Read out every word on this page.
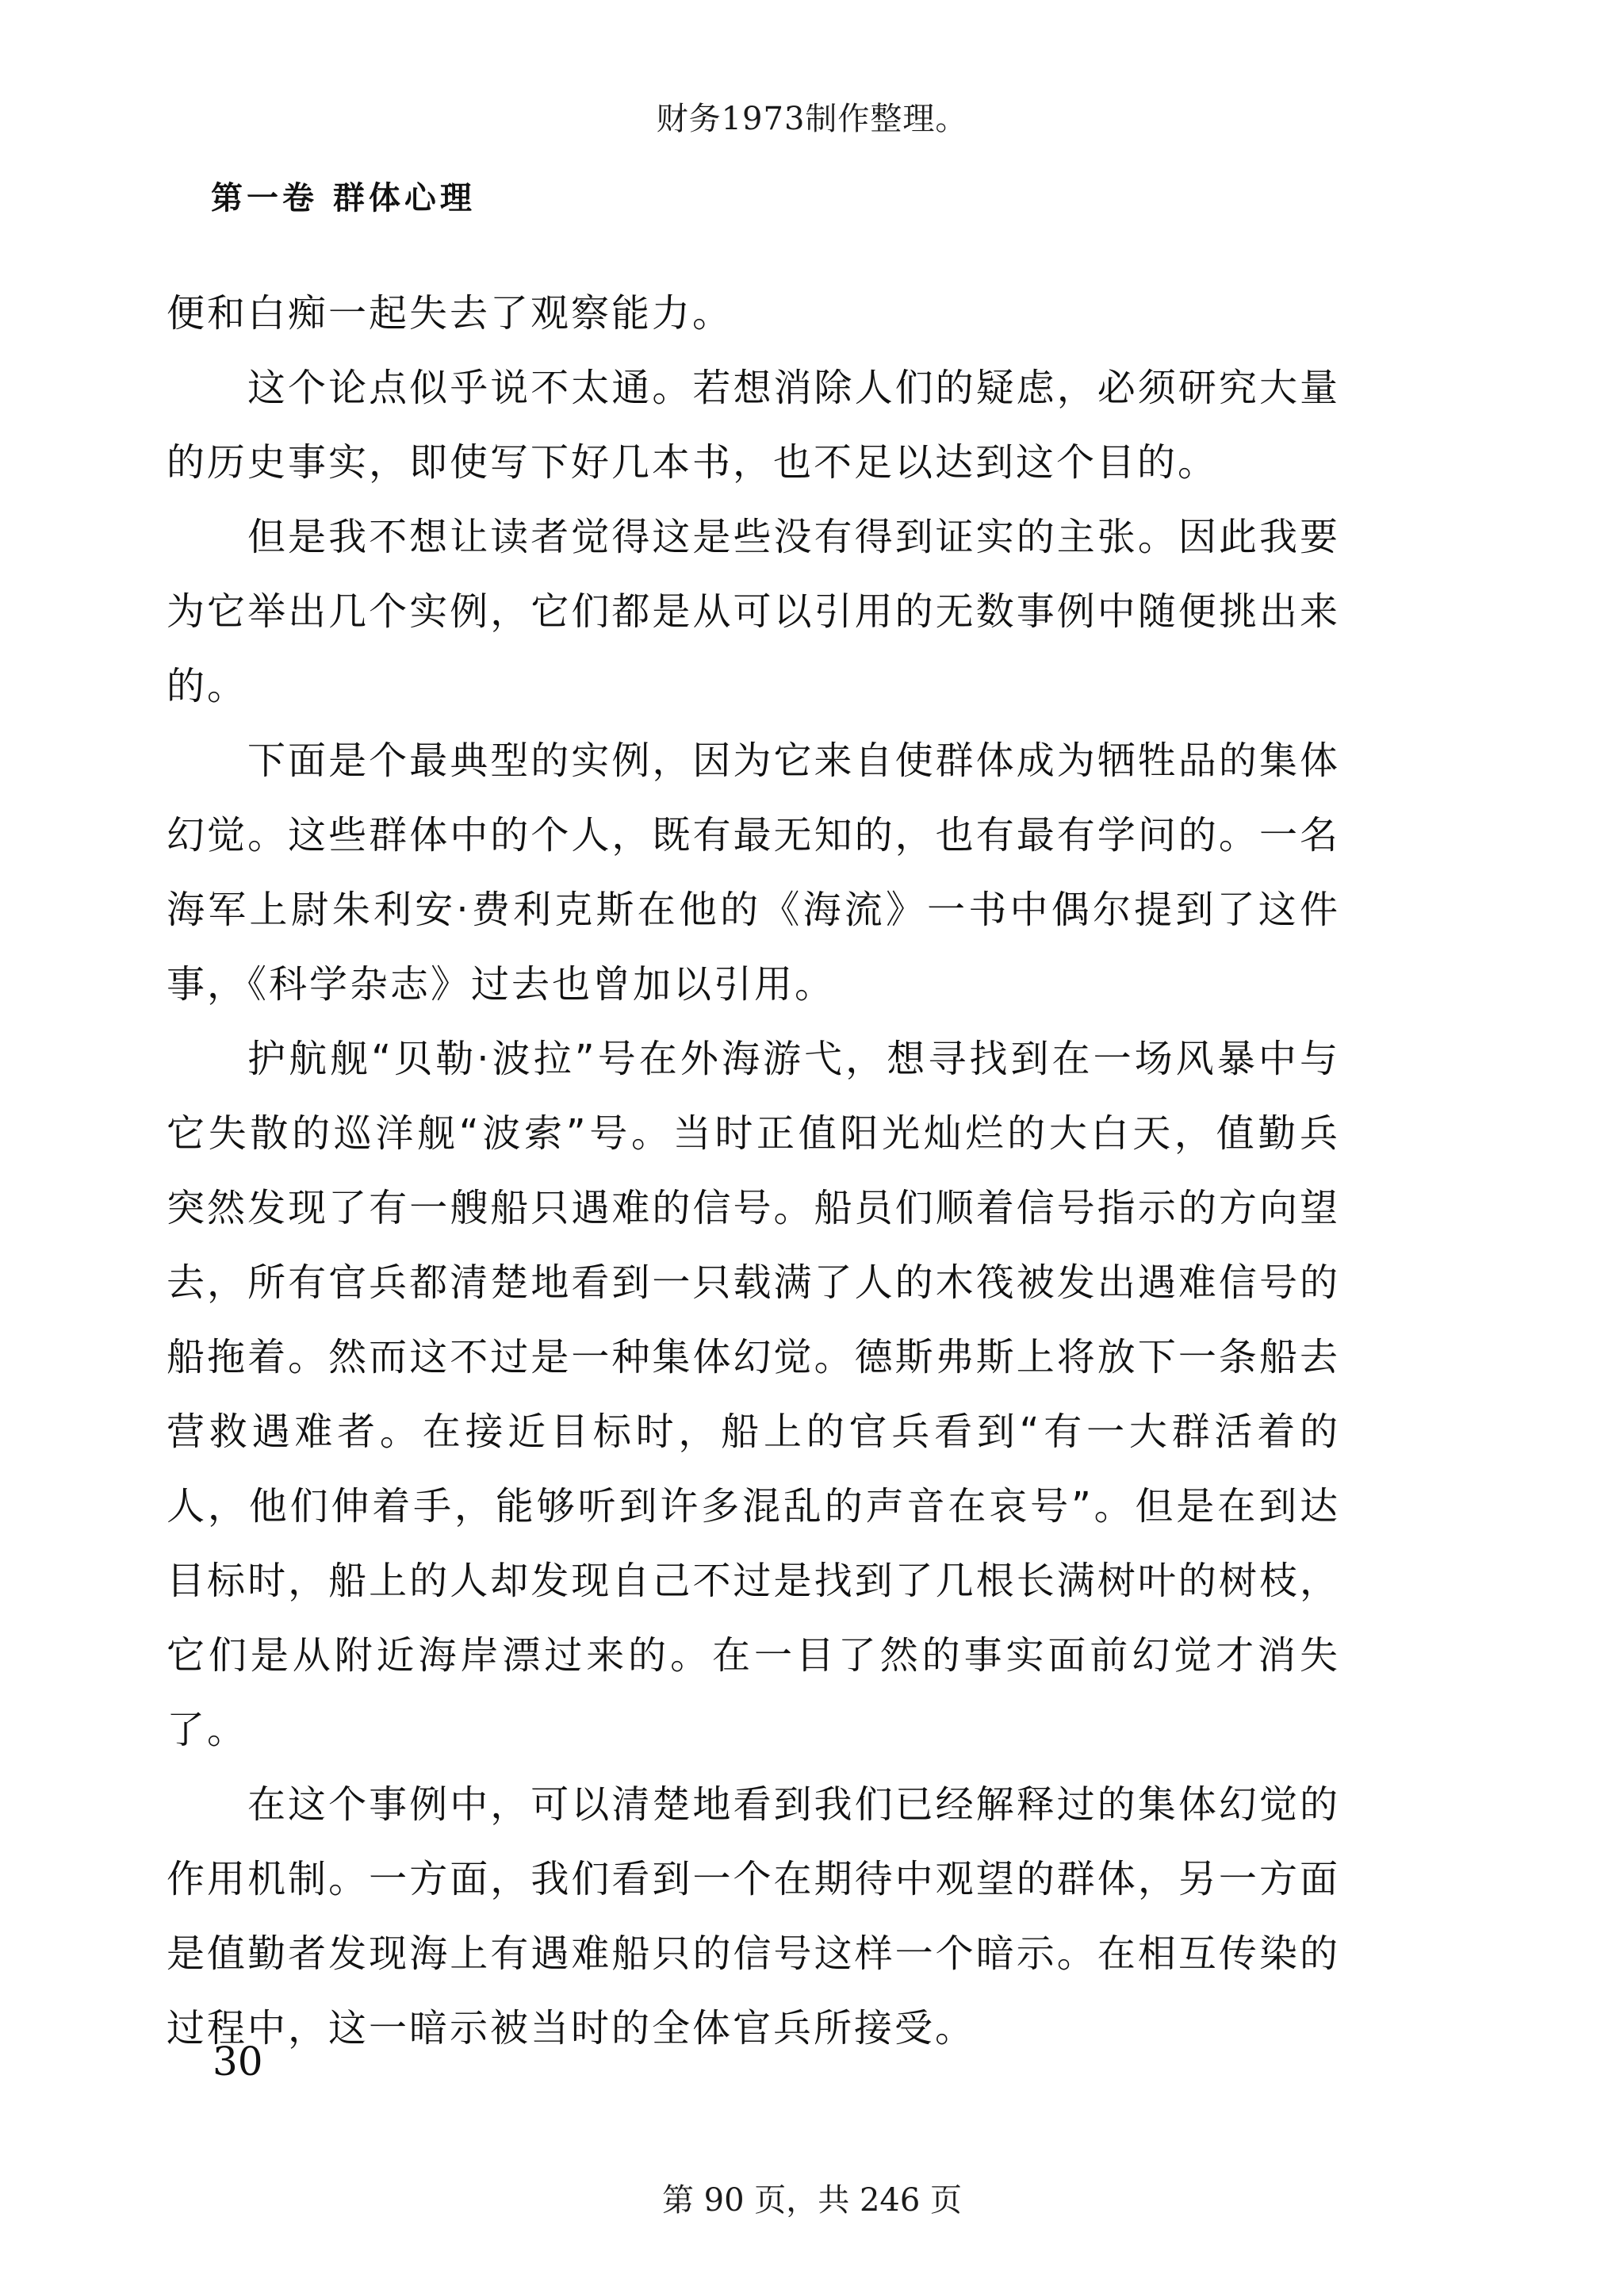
财务1973制作整理。
第一卷 群体心理

便和白痴一起失去了观察能力。

这个论点似乎说不太通。若想消除人们的疑虑，必须研究大量的历史事实，即使写下好几本书，也不足以达到这个目的。

但是我不想让读者觉得这是些没有得到证实的主张。因此我要为它举出几个实例，它们都是从可以引用的无数事例中随便挑出来的。

下面是个最典型的实例，因为它来自使群体成为牺牲品的集体幻觉。这些群体中的个人，既有最无知的，也有最有学问的。一名海军上尉朱利安·费利克斯在他的《海流》一书中偶尔提到了这件事，《科学杂志》过去也曾加以引用。

护航舰“贝勒·波拉”号在外海游弋，想寻找到在一场风暴中与它失散的巡洋舰“波索”号。当时正值阳光灿烂的大白天，值勤兵突然发现了有一艘船只遇难的信号。船员们顺着信号指示的方向望去，所有官兵都清楚地看到一只载满了人的木筏被发出遇难信号的船拖着。然而这不过是一种集体幻觉。德斯弗斯上将放下一条船去营救遇难者。在接近目标时，船上的官兵看到“有一大群活着的人，他们伸着手，能够听到许多混乱的声音在哀号”。但是在到达目标时，船上的人却发现自己不过是找到了几根长满树叶的树枝，它们是从附近海岸漂过来的。在一目了然的事实面前幻觉才消失了。

在这个事例中，可以清楚地看到我们已经解释过的集体幻觉的作用机制。一方面，我们看到一个在期待中观望的群体，另一方面是值勤者发现海上有遇难船只的信号这样一个暗示。在相互传染的过程中，这一暗示被当时的全体官兵所接受。

30
第 90 页，共 246 页
